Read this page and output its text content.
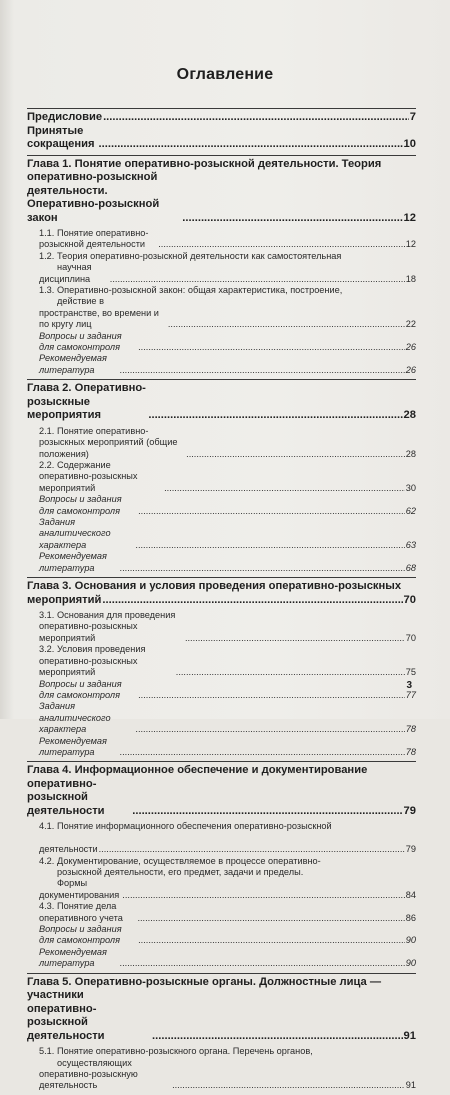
Оглавление
Предисловие .....	7
Принятые сокращения .....	10
Глава 1. Понятие оперативно-розыскной деятельности. Теория
оперативно-розыскной деятельности. Оперативно-розыскной закон .....	12
1.1. Понятие оперативно-розыскной деятельности .....	12
1.2. Теория оперативно-розыскной деятельности как самостоятельная
научная дисциплина .....	18
1.3. Оперативно-розыскной закон: общая характеристика, построение,
действие в пространстве, во времени и по кругу лиц .....	22
Вопросы и задания для самоконтроля .....	26
Рекомендуемая литература .....	26
Глава 2. Оперативно-розыскные мероприятия .....	28
2.1. Понятие оперативно-розыскных мероприятий (общие положения) .....	28
2.2. Содержание оперативно-розыскных мероприятий .....	30
Вопросы и задания для самоконтроля .....	62
Задания аналитического характера .....	63
Рекомендуемая литература .....	68
Глава 3. Основания и условия проведения оперативно-розыскных
мероприятий .....	70
3.1. Основания для проведения оперативно-розыскных мероприятий .....	70
3.2. Условия проведения оперативно-розыскных мероприятий .....	75
Вопросы и задания для самоконтроля .....	77
Задания аналитического характера .....	78
Рекомендуемая литература .....	78
Глава 4. Информационное обеспечение и документирование
оперативно-розыскной деятельности .....	79
4.1. Понятие информационного обеспечения оперативно-розыскной
деятельности .....	79
4.2. Документирование, осуществляемое в процессе оперативно-
розыскной деятельности, его предмет, задачи и пределы.
Формы документирования .....	84
4.3. Понятие дела оперативного учета .....	86
Вопросы и задания для самоконтроля .....	90
Рекомендуемая литература .....	90
Глава 5. Оперативно-розыскные органы. Должностные лица —
участники оперативно-розыскной деятельности .....	91
5.1. Понятие оперативно-розыскного органа. Перечень органов,
осуществляющих оперативно-розыскную деятельность .....	91
3
